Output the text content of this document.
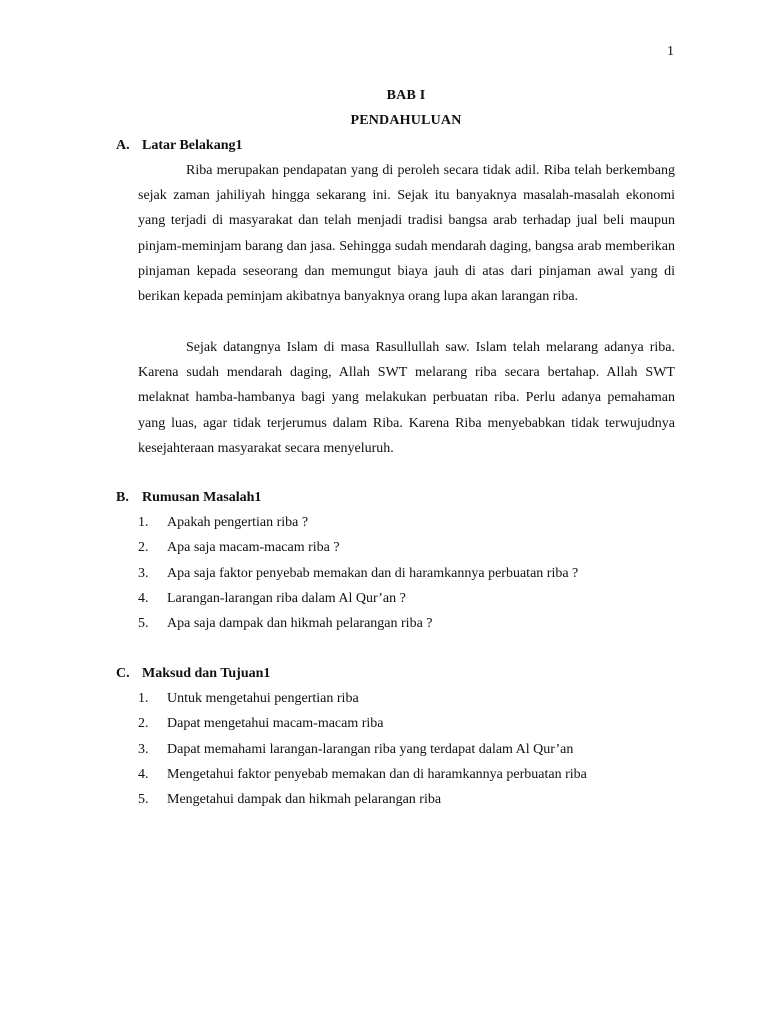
1
BAB I
PENDAHULUAN
A. Latar Belakang1

Riba merupakan pendapatan yang di peroleh secara tidak adil. Riba telah berkembang sejak zaman jahiliyah hingga sekarang ini. Sejak itu banyaknya masalah-masalah ekonomi yang terjadi di masyarakat dan telah menjadi tradisi bangsa arab terhadap jual beli maupun pinjam-meminjam barang dan jasa. Sehingga sudah mendarah daging, bangsa arab memberikan pinjaman kepada seseorang dan memungut biaya jauh di atas dari pinjaman awal yang di berikan kepada peminjam akibatnya banyaknya orang lupa akan larangan riba.

Sejak datangnya Islam di masa Rasullullah saw. Islam telah melarang adanya riba. Karena sudah mendarah daging, Allah SWT melarang riba secara bertahap. Allah SWT melaknat hamba-hambanya bagi yang melakukan perbuatan riba. Perlu adanya pemahaman yang luas, agar tidak terjerumus dalam Riba. Karena Riba menyebabkan tidak terwujudnya kesejahteraan masyarakat secara menyeluruh.

B. Rumusan Masalah1
1. Apakah pengertian riba ?
2. Apa saja macam-macam riba ?
3. Apa saja faktor penyebab memakan dan di haramkannya perbuatan riba ?
4. Larangan-larangan riba dalam Al Qur’an ?
5. Apa saja dampak dan hikmah pelarangan riba ?
C. Maksud dan Tujuan1
1. Untuk mengetahui pengertian riba
2. Dapat mengetahui macam-macam riba
3. Dapat memahami larangan-larangan riba yang terdapat dalam Al Qur’an
4. Mengetahui faktor penyebab memakan dan di haramkannya perbuatan riba
5. Mengetahui dampak dan hikmah pelarangan riba
